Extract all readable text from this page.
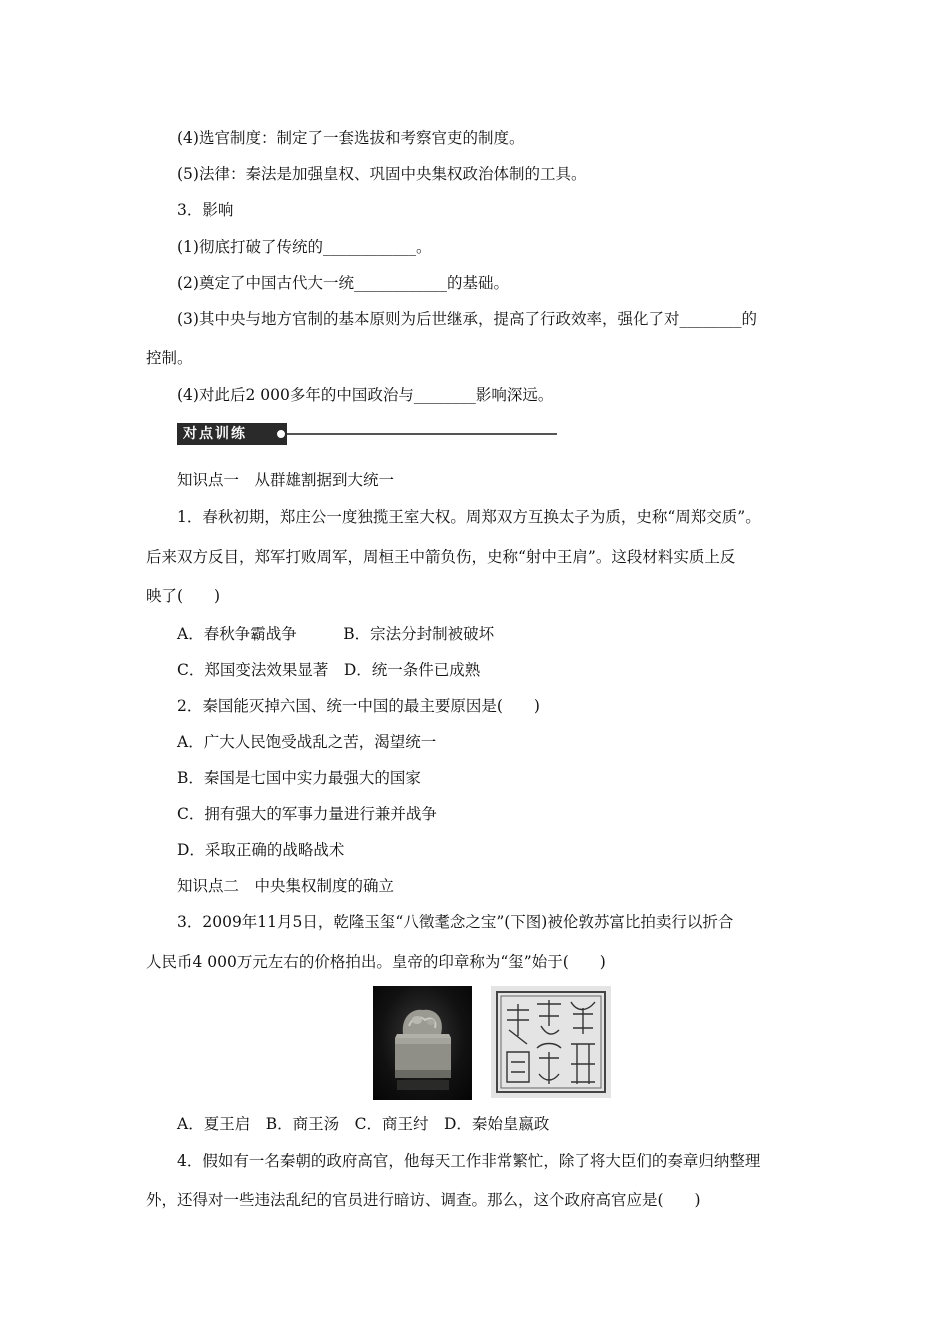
(4)选官制度：制定了一套选拔和考察官吏的制度。
(5)法律：秦法是加强皇权、巩固中央集权政治体制的工具。
3．影响
(1)彻底打破了传统的____________。
(2)奠定了中国古代大一统____________的基础。
(3)其中央与地方官制的基本原则为后世继承，提高了行政效率，强化了对________的
控制。
(4)对此后2 000多年的中国政治与________影响深远。
对点训练
知识点一　从群雄割据到大统一
1．春秋初期，郑庄公一度独揽王室大权。周郑双方互换太子为质，史称“周郑交质”。
后来双方反目，郑军打败周军，周桓王中箭负伤，史称“射中王肩”。这段材料实质上反
映了(　　)
A．春秋争霸战争　　　B．宗法分封制被破坏
C．郑国变法效果显著　D．统一条件已成熟
2．秦国能灭掉六国、统一中国的最主要原因是(　　)
A．广大人民饱受战乱之苦，渴望统一
B．秦国是七国中实力最强大的国家
C．拥有强大的军事力量进行兼并战争
D．采取正确的战略战术
知识点二　中央集权制度的确立
3．2009年11月5日，乾隆玉玺“八徵耄念之宝”(下图)被伦敦苏富比拍卖行以折合
人民币4 000万元左右的价格拍出。皇帝的印章称为“玺”始于(　　)
A．夏王启　B．商王汤　C．商王纣　D．秦始皇嬴政
4．假如有一名秦朝的政府高官，他每天工作非常繁忙，除了将大臣们的奏章归纳整理
外，还得对一些违法乱纪的官员进行暗访、调查。那么，这个政府高官应是(　　)
